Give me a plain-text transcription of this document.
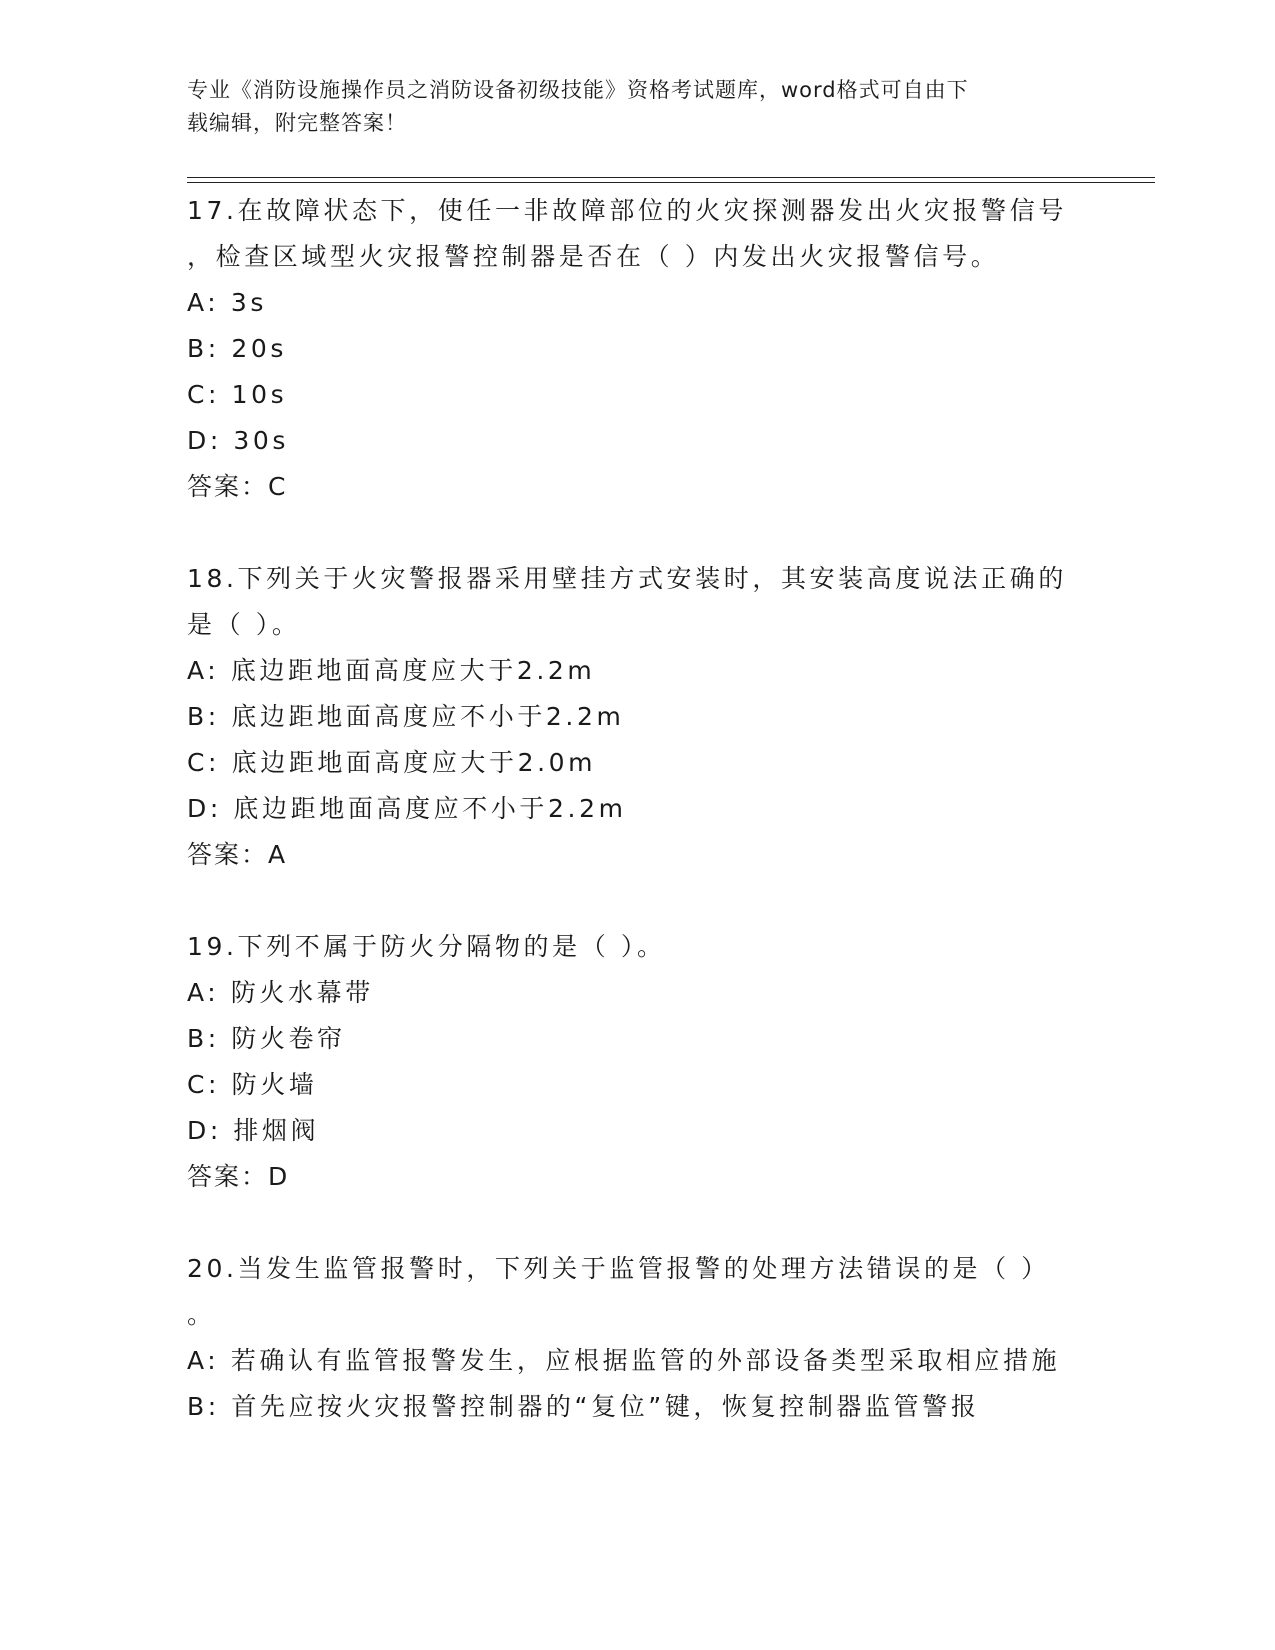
专业《消防设施操作员之消防设备初级技能》资格考试题库，word格式可自由下
载编辑，附完整答案！
17.在故障状态下，使任一非故障部位的火灾探测器发出火灾报警信号
，检查区域型火灾报警控制器是否在（ ）内发出火灾报警信号。
A: 3s
B: 20s
C: 10s
D: 30s
答案：C
18.下列关于火灾警报器采用壁挂方式安装时，其安装高度说法正确的
是（ ）。
A: 底边距地面高度应大于2.2m
B: 底边距地面高度应不小于2.2m
C: 底边距地面高度应大于2.0m
D: 底边距地面高度应不小于2.2m
答案：A
19.下列不属于防火分隔物的是（ ）。
A: 防火水幕带
B: 防火卷帘
C: 防火墙
D: 排烟阀
答案：D
20.当发生监管报警时，下列关于监管报警的处理方法错误的是（ ）
。
A: 若确认有监管报警发生，应根据监管的外部设备类型采取相应措施
B: 首先应按火灾报警控制器的“复位”键，恢复控制器监管警报
